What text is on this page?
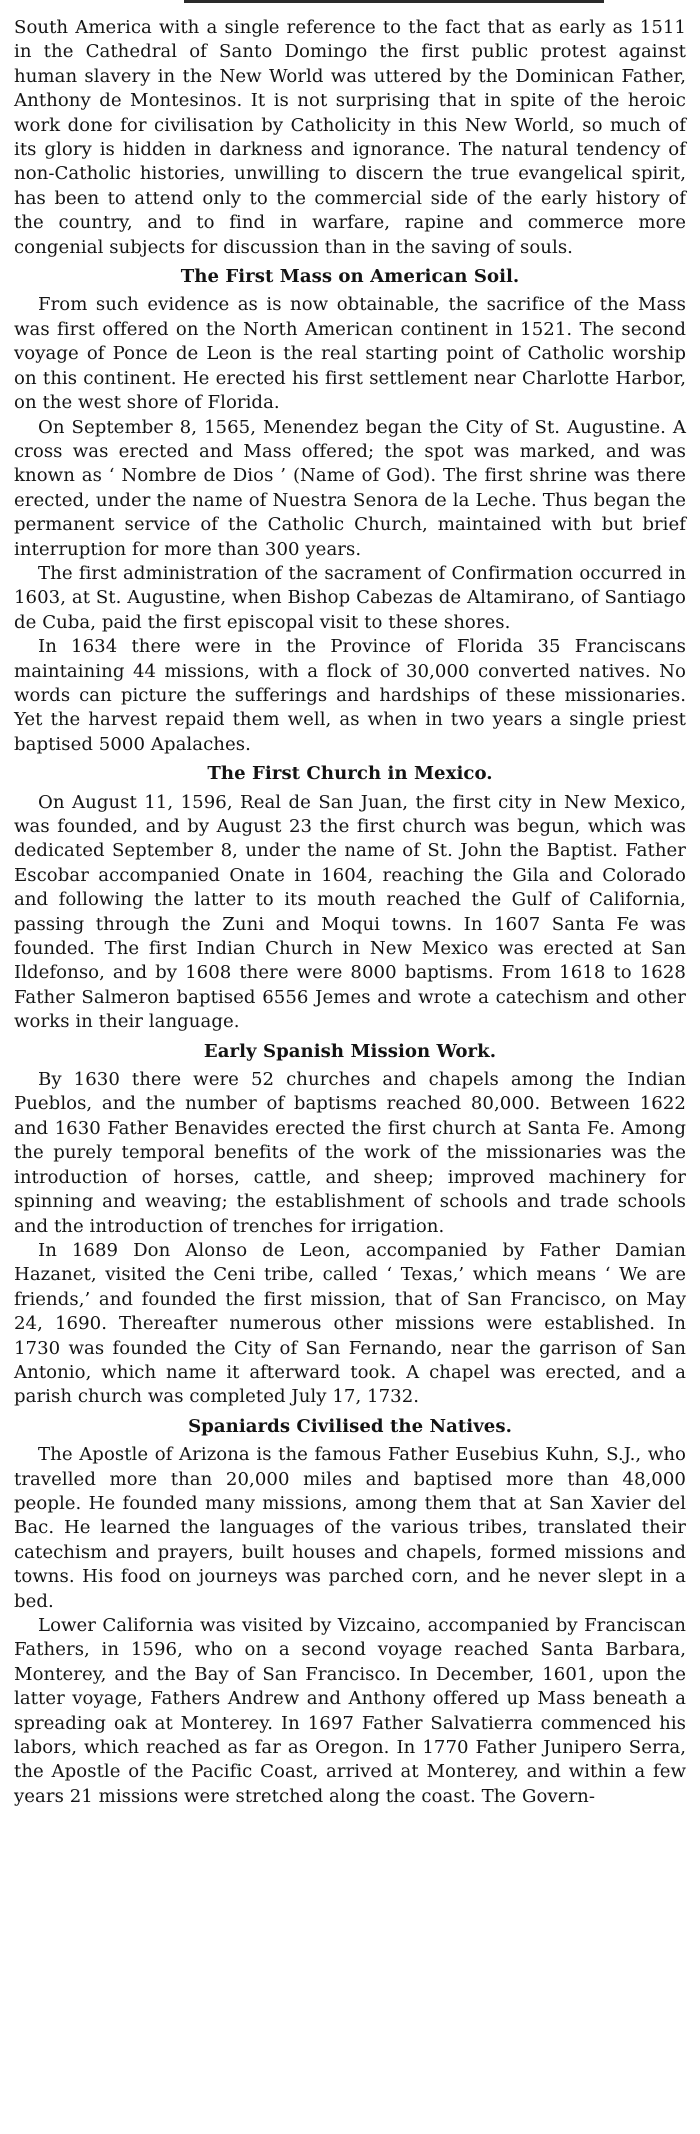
South America with a single reference to the fact that as early as 1511 in the Cathedral of Santo Domingo the first public protest against human slavery in the New World was uttered by the Dominican Father, Anthony de Montesinos. It is not surprising that in spite of the heroic work done for civilisation by Catholicity in this New World, so much of its glory is hidden in darkness and ignorance. The natural tendency of non-Catholic histories, unwilling to discern the true evangelical spirit, has been to attend only to the commercial side of the early history of the country, and to find in warfare, rapine and commerce more congenial subjects for discussion than in the saving of souls.

The First Mass on American Soil.

From such evidence as is now obtainable, the sacrifice of the Mass was first offered on the North American continent in 1521. The second voyage of Ponce de Leon is the real starting point of Catholic worship on this continent. He erected his first settlement near Charlotte Harbor, on the west shore of Florida.

On September 8, 1565, Menendez began the City of St. Augustine. A cross was erected and Mass offered; the spot was marked, and was known as ‘ Nombre de Dios ’ (Name of God). The first shrine was there erected, under the name of Nuestra Senora de la Leche. Thus began the permanent service of the Catholic Church, maintained with but brief interruption for more than 300 years.

The first administration of the sacrament of Confirmation occurred in 1603, at St. Augustine, when Bishop Cabezas de Altamirano, of Santiago de Cuba, paid the first episcopal visit to these shores.

In 1634 there were in the Province of Florida 35 Franciscans maintaining 44 missions, with a flock of 30,000 converted natives. No words can picture the sufferings and hardships of these missionaries. Yet the harvest repaid them well, as when in two years a single priest baptised 5000 Apalaches.

The First Church in Mexico.

On August 11, 1596, Real de San Juan, the first city in New Mexico, was founded, and by August 23 the first church was begun, which was dedicated September 8, under the name of St. John the Baptist. Father Escobar accompanied Onate in 1604, reaching the Gila and Colorado and following the latter to its mouth reached the Gulf of California, passing through the Zuni and Moqui towns. In 1607 Santa Fe was founded. The first Indian Church in New Mexico was erected at San Ildefonso, and by 1608 there were 8000 baptisms. From 1618 to 1628 Father Salmeron baptised 6556 Jemes and wrote a catechism and other works in their language.

Early Spanish Mission Work.

By 1630 there were 52 churches and chapels among the Indian Pueblos, and the number of baptisms reached 80,000. Between 1622 and 1630 Father Benavides erected the first church at Santa Fe. Among the purely temporal benefits of the work of the missionaries was the introduction of horses, cattle, and sheep; improved machinery for spinning and weaving; the establishment of schools and trade schools and the introduction of trenches for irrigation.

In 1689 Don Alonso de Leon, accompanied by Father Damian Hazanet, visited the Ceni tribe, called ‘ Texas,’ which means ‘ We are friends,’ and founded the first mission, that of San Francisco, on May 24, 1690. Thereafter numerous other missions were established. In 1730 was founded the City of San Fernando, near the garrison of San Antonio, which name it afterward took. A chapel was erected, and a parish church was completed July 17, 1732.

Spaniards Civilised the Natives.

The Apostle of Arizona is the famous Father Eusebius Kuhn, S.J., who travelled more than 20,000 miles and baptised more than 48,000 people. He founded many missions, among them that at San Xavier del Bac. He learned the languages of the various tribes, translated their catechism and prayers, built houses and chapels, formed missions and towns. His food on journeys was parched corn, and he never slept in a bed.

Lower California was visited by Vizcaino, accompanied by Franciscan Fathers, in 1596, who on a second voyage reached Santa Barbara, Monterey, and the Bay of San Francisco. In December, 1601, upon the latter voyage, Fathers Andrew and Anthony offered up Mass beneath a spreading oak at Monterey. In 1697 Father Salvatierra commenced his labors, which reached as far as Oregon. In 1770 Father Junipero Serra, the Apostle of the Pacific Coast, arrived at Monterey, and within a few years 21 missions were stretched along the coast. The Govern-
